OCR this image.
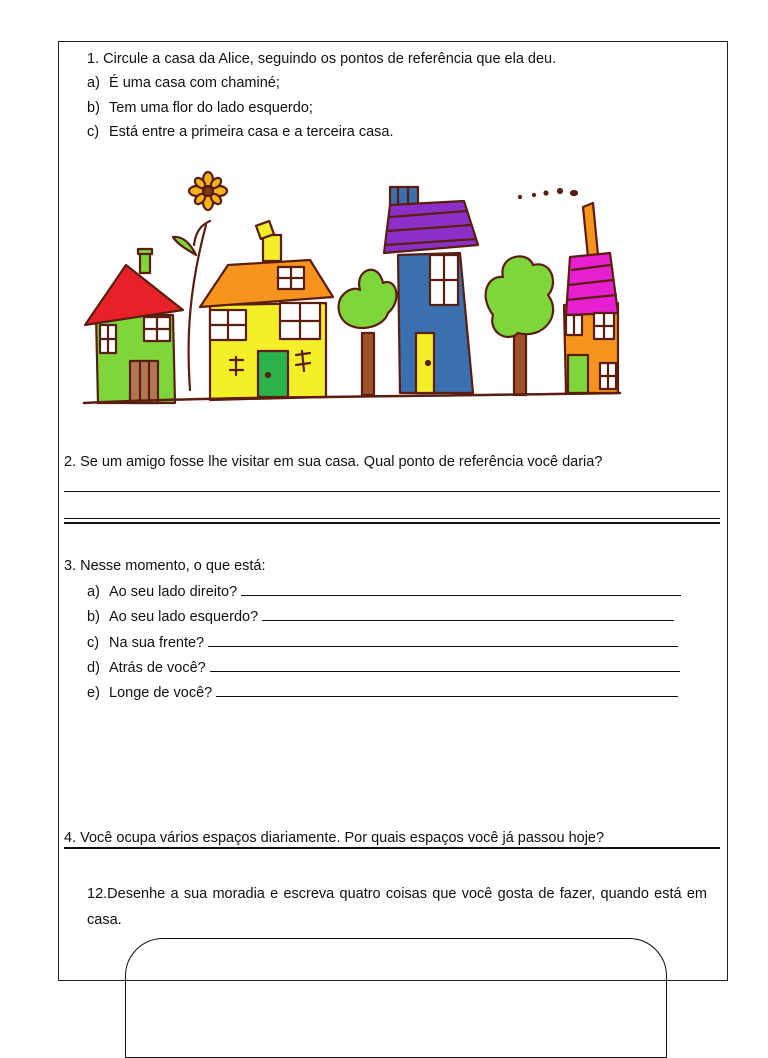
1. Circule a casa da Alice, seguindo os pontos de referência que ela deu.
a) É uma casa com chaminé;
b) Tem uma flor do lado esquerdo;
c) Está entre a primeira casa e a terceira casa.
2. Se um amigo fosse lhe visitar em sua casa. Qual ponto de referência você daria?
3. Nesse momento, o que está:
a) Ao seu lado direito?
b) Ao seu lado esquerdo?
c) Na sua frente?
d) Atrás de você?
e) Longe de você?
4. Você ocupa vários espaços diariamente. Por quais espaços você já passou hoje?
12.Desenhe a sua moradia e escreva quatro coisas que você gosta de fazer, quando está em casa.
